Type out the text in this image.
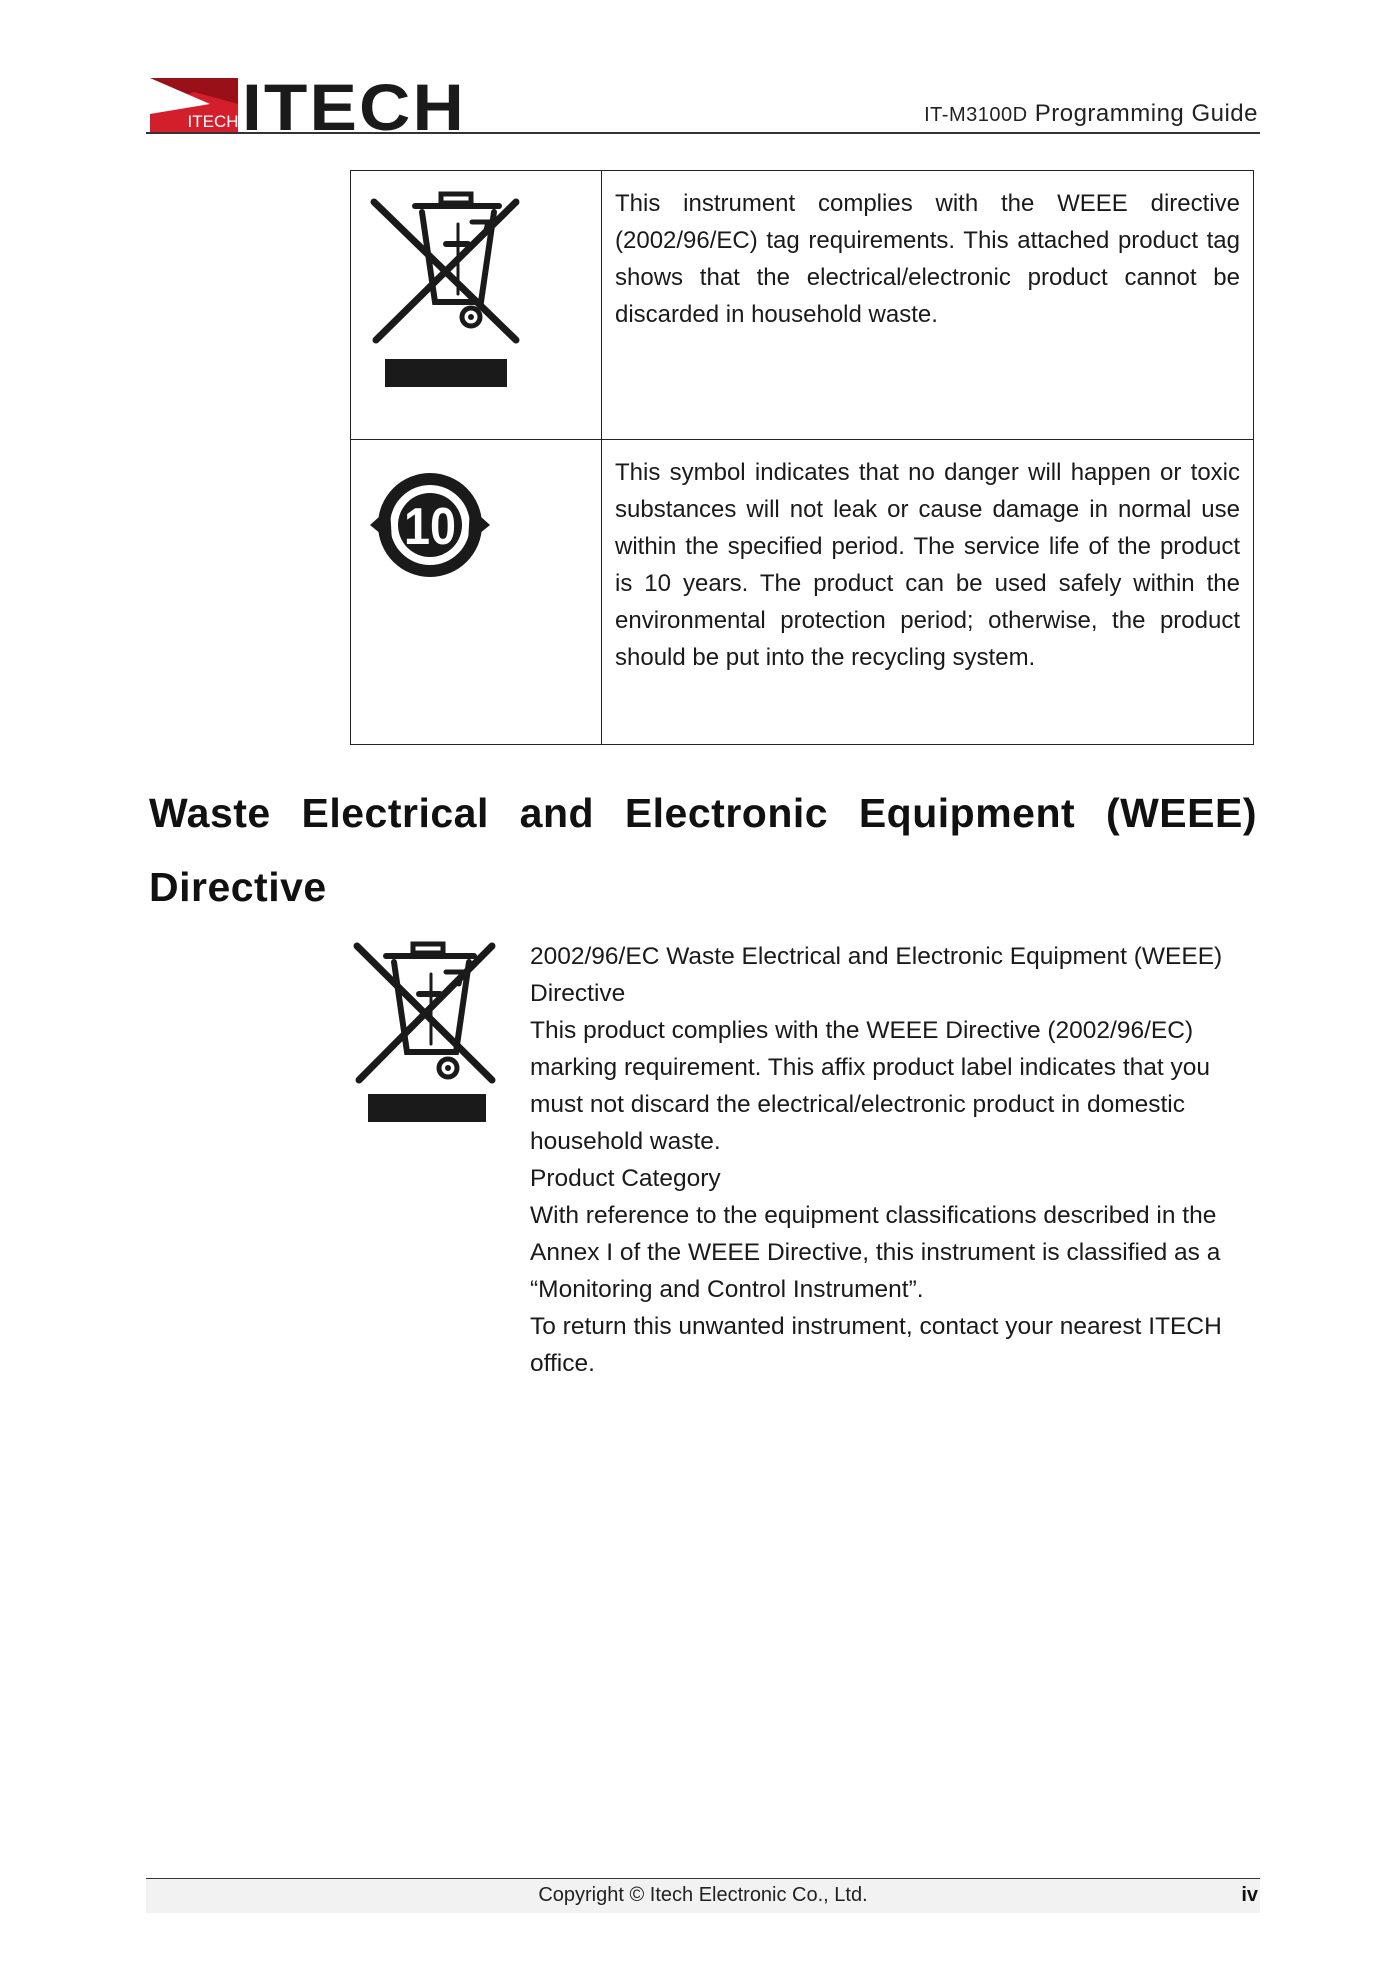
ITECH ITECH	IT-M3100D Programming Guide
	This instrument complies with the WEEE directive (2002/96/EC) tag requirements. This attached product tag shows that the electrical/electronic product cannot be discarded in household waste.

10	This symbol indicates that no danger will happen or toxic substances will not leak or cause damage in normal use within the specified period. The service life of the product is 10 years. The product can be used safely within the environmental protection period; otherwise, the product should be put into the recycling system.
Waste Electrical and Electronic Equipment (WEEE) Directive

2002/96/EC Waste Electrical and Electronic Equipment (WEEE) Directive

This product complies with the WEEE Directive (2002/96/EC) marking requirement. This affix product label indicates that you must not discard the electrical/electronic product in domestic household waste.

Product Category

With reference to the equipment classifications described in the Annex I of the WEEE Directive, this instrument is classified as a “Monitoring and Control Instrument”.

To return this unwanted instrument, contact your nearest ITECH office.

Copyright © Itech Electronic Co., Ltd.	iv
